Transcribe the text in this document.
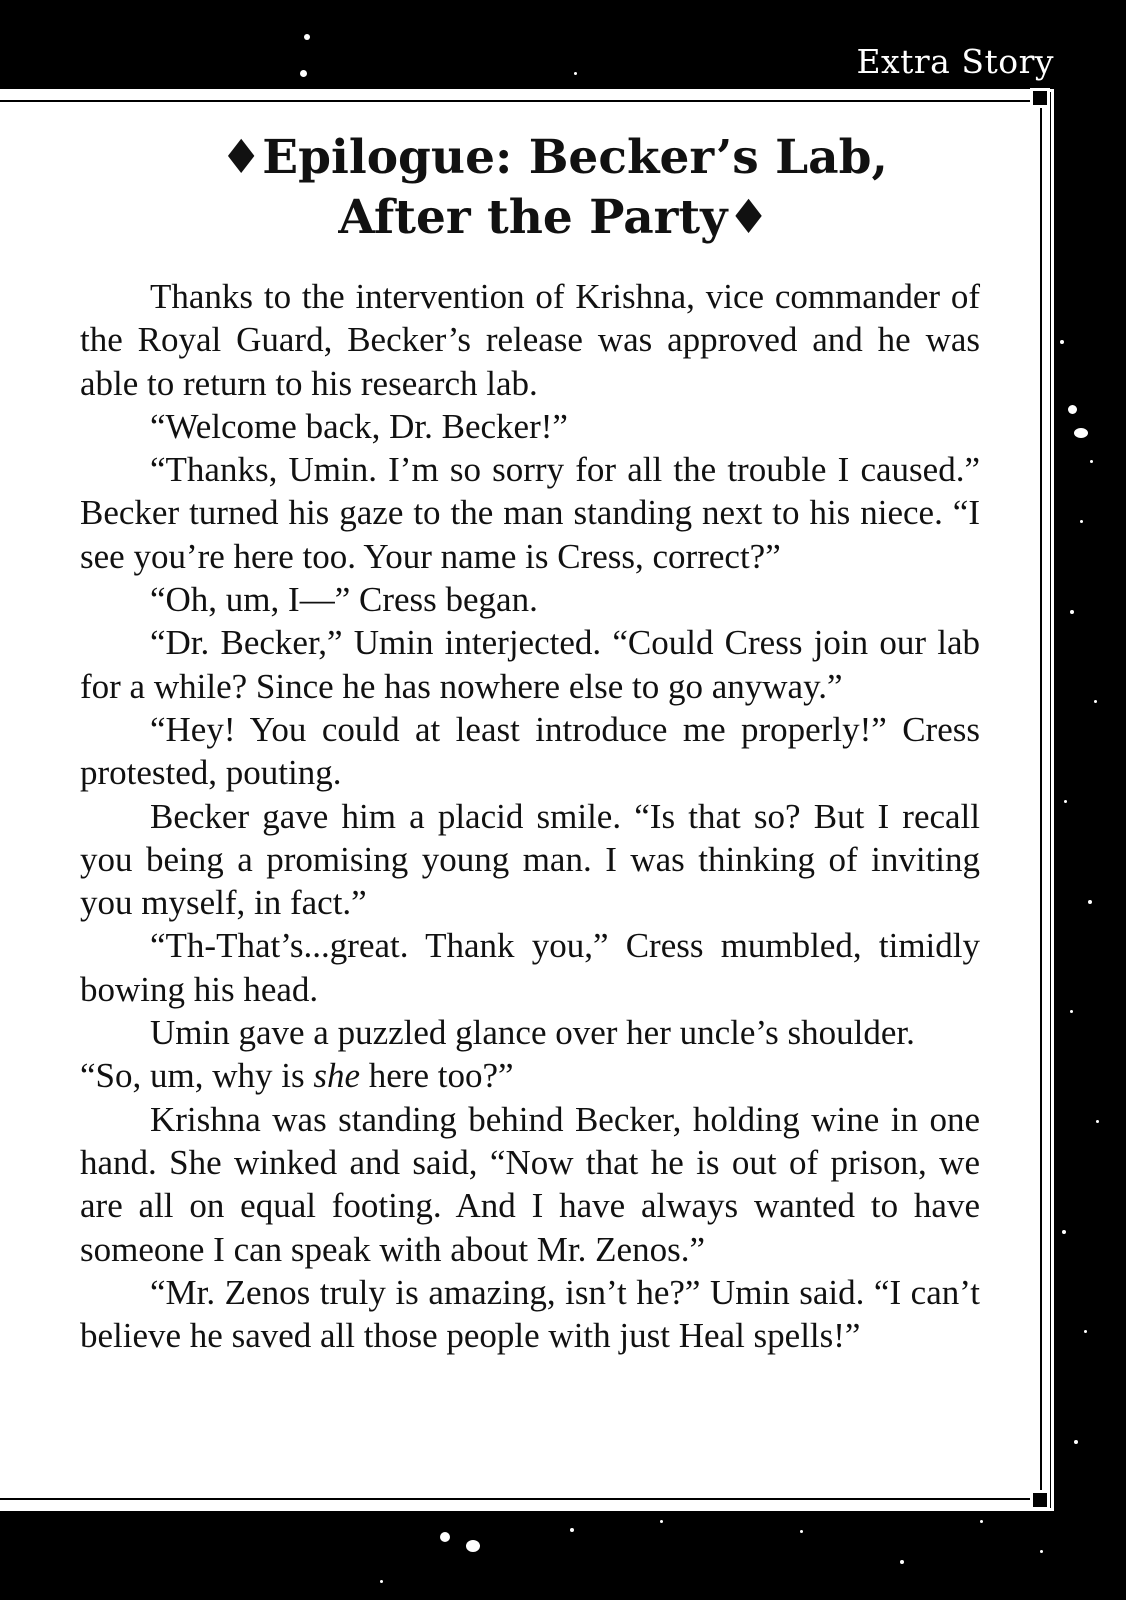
Extra Story
♦Epilogue: Becker’s Lab,
After the Party♦

Thanks to the intervention of Krishna, vice commander of the Royal Guard, Becker’s release was approved and he was able to return to his research lab.

“Welcome back, Dr. Becker!”

“Thanks, Umin. I’m so sorry for all the trouble I caused.” Becker turned his gaze to the man standing next to his niece. “I see you’re here too. Your name is Cress, correct?”

“Oh, um, I—” Cress began.

“Dr. Becker,” Umin interjected. “Could Cress join our lab for a while? Since he has nowhere else to go anyway.”

“Hey! You could at least introduce me properly!” Cress protested, pouting.

Becker gave him a placid smile. “Is that so? But I recall you being a promising young man. I was thinking of inviting you myself, in fact.”

“Th-That’s...great. Thank you,” Cress mumbled, timidly bowing his head.

Umin gave a puzzled glance over her uncle’s shoulder.

“So, um, why is she here too?”

Krishna was standing behind Becker, holding wine in one hand. She winked and said, “Now that he is out of prison, we are all on equal footing. And I have always wanted to have someone I can speak with about Mr. Zenos.”

“Mr. Zenos truly is amazing, isn’t he?” Umin said. “I can’t believe he saved all those people with just Heal spells!”
